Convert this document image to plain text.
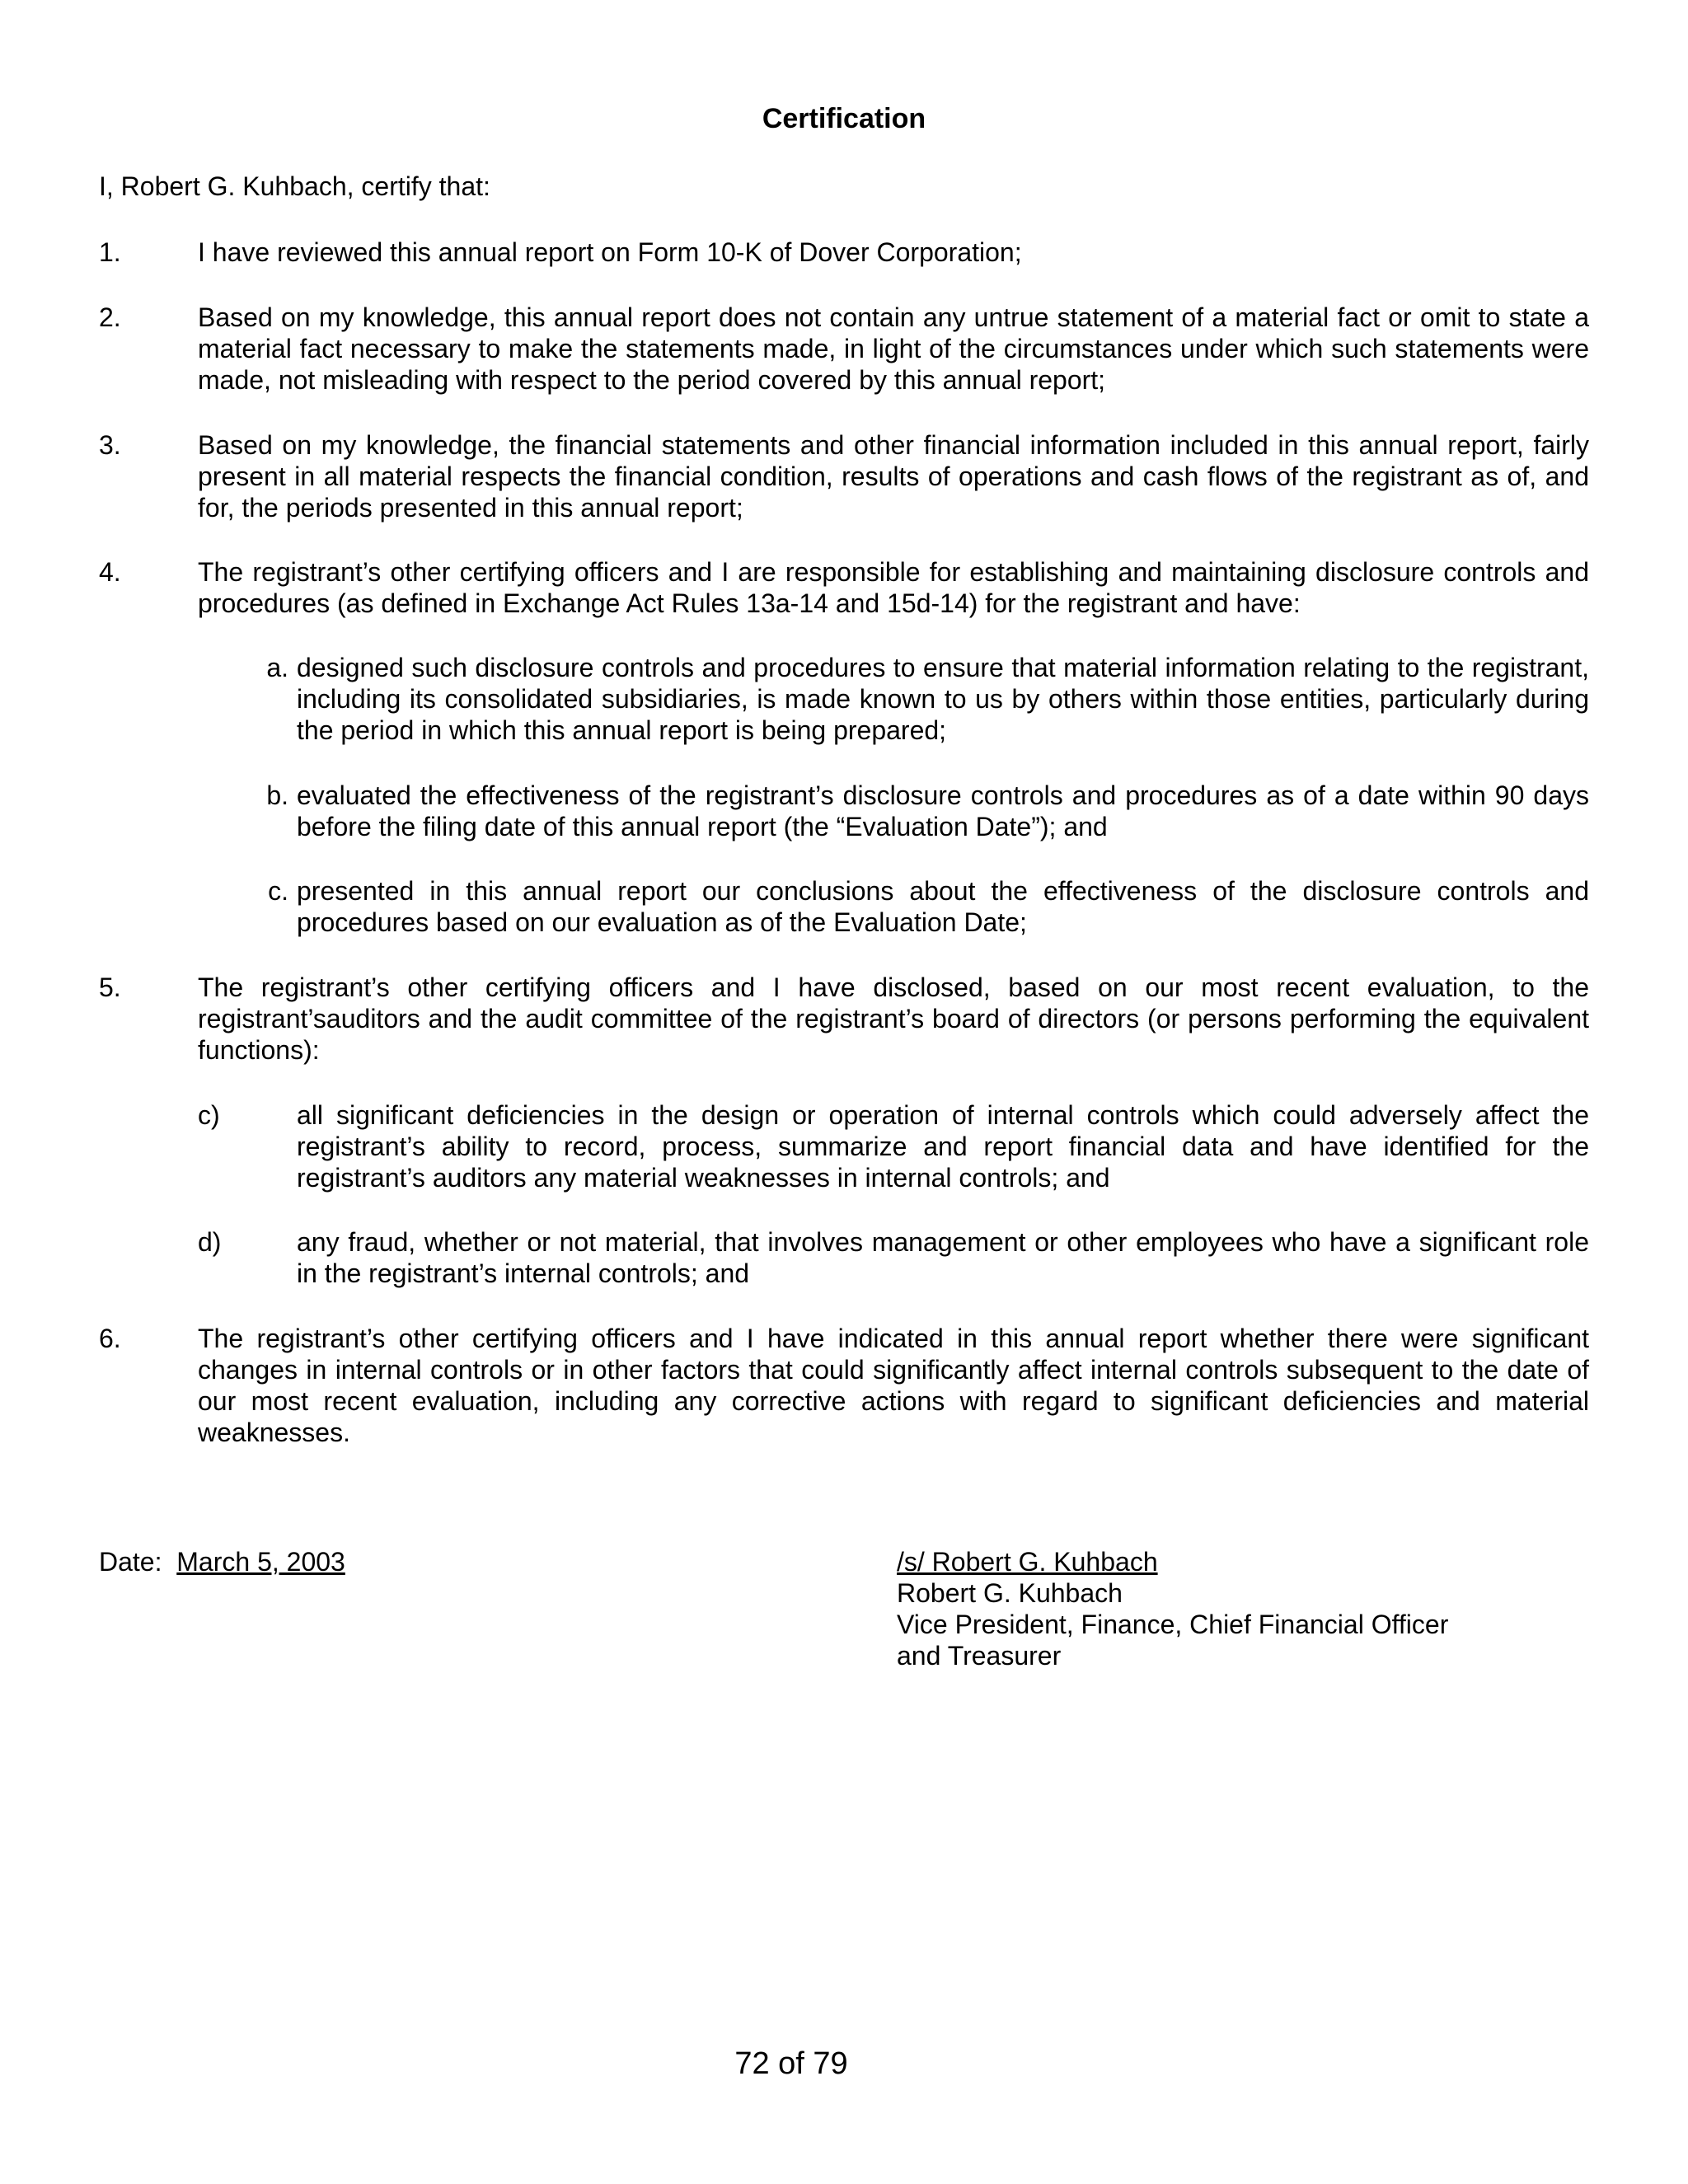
Certification
I, Robert G. Kuhbach, certify that:
1.	I have reviewed this annual report on Form 10-K of Dover Corporation;
2.	Based on my knowledge, this annual report does not contain any untrue statement of a material fact or omit to state a material fact necessary to make the statements made, in light of the circumstances under which such statements were made, not misleading with respect to the period covered by this annual report;
3.	Based on my knowledge, the financial statements and other financial information included in this annual report, fairly present in all material respects the financial condition, results of operations and cash flows of the registrant as of, and for, the periods presented in this annual report;
4.	The registrant’s other certifying officers and I are responsible for establishing and maintaining disclosure controls and procedures (as defined in Exchange Act Rules 13a-14 and 15d-14) for the registrant and have:
a. designed such disclosure controls and procedures to ensure that material information relating to the registrant, including its consolidated subsidiaries, is made known to us by others within those entities, particularly during the period in which this annual report is being prepared;
b. evaluated the effectiveness of the registrant’s disclosure controls and procedures as of a date within 90 days before the filing date of this annual report (the “Evaluation Date”); and
c. presented in this annual report our conclusions about the effectiveness of the disclosure controls and procedures based on our evaluation as of the Evaluation Date;
5.	The registrant’s other certifying officers and I have disclosed, based on our most recent evaluation, to the registrant’sauditors and the audit committee of the registrant’s board of directors (or persons performing the equivalent functions):
c)	all significant deficiencies in the design or operation of internal controls which could adversely affect the registrant’s ability to record, process, summarize and report financial data and have identified for the registrant’s auditors any material weaknesses in internal controls; and
d)	any fraud, whether or not material, that involves management or other employees who have a significant role in the registrant’s internal controls; and
6.	The registrant’s other certifying officers and I have indicated in this annual report whether there were significant changes in internal controls or in other factors that could significantly affect internal controls subsequent to the date of our most recent evaluation, including any corrective actions with regard to significant deficiencies and material weaknesses.
Date: March 5, 2003	/s/ Robert G. Kuhbach
Robert G. Kuhbach
Vice President, Finance, Chief Financial Officer
and Treasurer
72 of 79
